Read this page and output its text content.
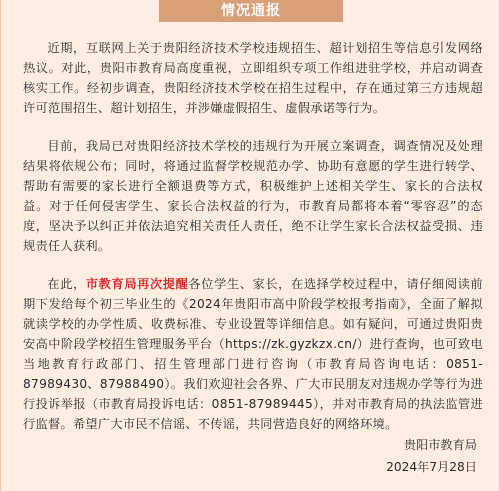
情况通报

近期，互联网上关于贵阳经济技术学校违规招生、超计划招生等信息引发网络热议。对此，贵阳市教育局高度重视，立即组织专项工作组进驻学校，并启动调查核实工作。经初步调查，贵阳经济技术学校在招生过程中，存在通过第三方违规超许可范围招生、超计划招生，并涉嫌虚假招生、虚假承诺等行为。

目前，我局已对贵阳经济技术学校的违规行为开展立案调查，调查情况及处理结果将依规公布；同时，将通过监督学校规范办学、协助有意愿的学生进行转学、帮助有需要的家长进行全额退费等方式，积极维护上述相关学生、家长的合法权益。对于任何侵害学生、家长合法权益的行为，市教育局都将本着“零容忍”的态度，坚决予以纠正并依法追究相关责任人责任，绝不让学生家长合法权益受损、违规责任人获利。

在此，市教育局再次提醒各位学生、家长，在选择学校过程中，请仔细阅读前期下发给每个初三毕业生的《2024年贵阳市高中阶段学校报考指南》，全面了解拟就读学校的办学性质、收费标准、专业设置等详细信息。如有疑问，可通过贵阳贵安高中阶段学校招生管理服务平台（https://zk.gyzkzx.cn/）进行查询，也可致电当地教育行政部门、招生管理部门进行咨询（市教育局咨询电话：0851-87989430、87988490）。我们欢迎社会各界、广大市民朋友对违规办学等行为进行投诉举报（市教育局投诉电话：0851-87989445），并对市教育局的执法监管进行监督。希望广大市民不信谣、不传谣，共同营造良好的网络环境。

贵阳市教育局
2024年7月28日
